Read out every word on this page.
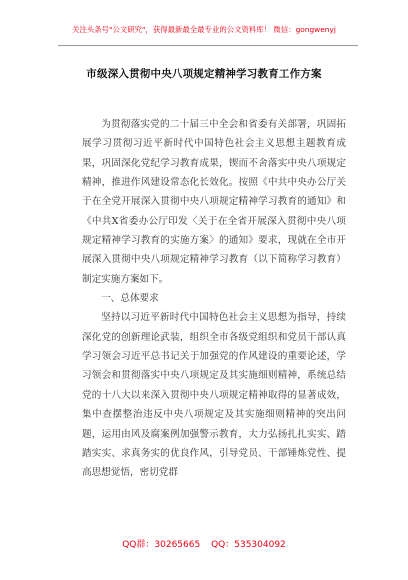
关注头条号"公文研究"，获得最新最全最专业的公文资料库！ 微信：gongwenyj
市级深入贯彻中央八项规定精神学习教育工作方案

为贯彻落实党的二十届三中全会和省委有关部署，巩固拓展学习贯彻习近平新时代中国特色社会主义思想主题教育成果，巩固深化党纪学习教育成果，锲而不舍落实中央八项规定精神，推进作风建设常态化长效化。按照《中共中央办公厅关于在全党开展深入贯彻中央八项规定精神学习教育的通知》和《中共X省委办公厅印发〈关于在全省开展深入贯彻中央八项规定精神学习教育的实施方案〉的通知》要求，现就在全市开展深入贯彻中央八项规定精神学习教育（以下简称学习教育）制定实施方案如下。

一、总体要求

坚持以习近平新时代中国特色社会主义思想为指导，持续深化党的创新理论武装，组织全市各级党组织和党员干部认真学习领会习近平总书记关于加强党的作风建设的重要论述，学习领会和贯彻落实中央八项规定及其实施细则精神，系统总结党的十八大以来深入贯彻中央八项规定精神取得的显著成效，集中查摆整治违反中央八项规定及其实施细则精神的突出问题，运用由风及腐案例加强警示教育，大力弘扬扎扎实实、踏踏实实、求真务实的优良作风，引导党员、干部锤炼党性、提高思想觉悟，密切党群

QQ群：30265665 QQ：535304092
